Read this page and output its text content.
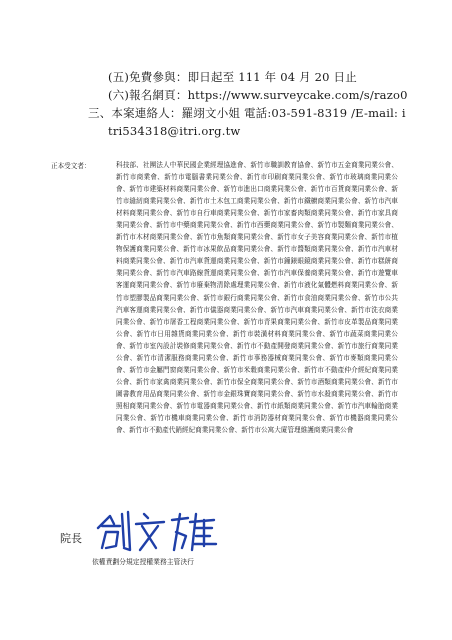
(五)免費參與：即日起至 111 年 04 月 20 日止
(六)報名網頁：https://www.surveycake.com/s/razo0
三、本案連絡人：羅翊文小姐 電話:03-591-8319 /E-mail: i
tri534318@itri.org.tw
正本受文者：	科技部、社團法人中華民國企業經理協進會、新竹市職訓教育協會、新竹市五金商業同業公會、新竹市商業會、新竹市電腦書業同業公會、新竹市印刷商業同業公會、新竹市玻璃商業同業公會、新竹市建築材料商業同業公會、新竹市進出口商業同業公會、新竹市百貨商業同業公會、新竹市縫紉商業同業公會、新竹市土木包工商業同業公會、新竹市鐵櫥商業同業公會、新竹市汽車材料商業同業公會、新竹市自行車商業同業公會、新竹市家畜肉類商業同業公會、新竹市家具商業同業公會、新竹市中藥商業同業公會、新竹市西藥商業同業公會、新竹市製麵商業同業公會、新竹市木材商業同業公會、新竹市魚類商業同業公會、新竹市女子美容商業同業公會、新竹市植物保護商業同業公會、新竹市冰果飲品商業同業公會、新竹市醬類商業同業公會、新竹市汽車材料商業同業公會、新竹市汽車貨運商業同業公會、新竹市鐘錶眼鏡商業同業公會、新竹市糕餅商業同業公會、新竹市汽車路線貨運商業同業公會、新竹市汽車保養商業同業公會、新竹市遊覽車客運商業同業公會、新竹市廢棄物清除處理業同業公會、新竹市液化氣體燃料商業同業公會、新竹市塑膠製品商業同業公會、新竹市銀行商業同業公會、新竹市食油商業同業公會、新竹市公共汽車客運商業同業公會、新竹市儀器商業同業公會、新竹市汽車商業同業公會、新竹市洗衣商業同業公會、新竹市屠香工程商業同業公會、新竹市青果商業同業公會、新竹市皮革製品商業同業公會、新竹市日用雜貨商業同業公會、新竹市裝潢材料商業同業公會、新竹市蔬菜商業同業公會、新竹市室內設計裝修商業同業公會、新竹市不動產開發商業同業公會、新竹市旅行商業同業公會、新竹市清潔服務商業同業公會、新竹市事務器械商業同業公會、新竹市麥類商業同業公會、新竹市金屬門窗商業同業公會、新竹市米穀商業同業公會、新竹市不動產仲介經紀商業同業公會、新竹市家禽商業同業公會、新竹市保全商業同業公會、新竹市酒類商業同業公會、新竹市圖書教育用品商業同業公會、新竹市金銀珠寶商業同業公會、新竹市水殺商業同業公會、新竹市照相商業同業公會、新竹市電器商業同業公會、新竹市紙類商業同業公會、新竹市汽車輪胎商業同業公會、新竹市機車商業同業公會、新竹市消防器材商業同業公會、新竹市機器商業同業公會、新竹市不動產代銷經紀商業同業公會、新竹市公寓大廈管理維護商業同業公會
院長
依權責劃分規定授權業務主管決行
